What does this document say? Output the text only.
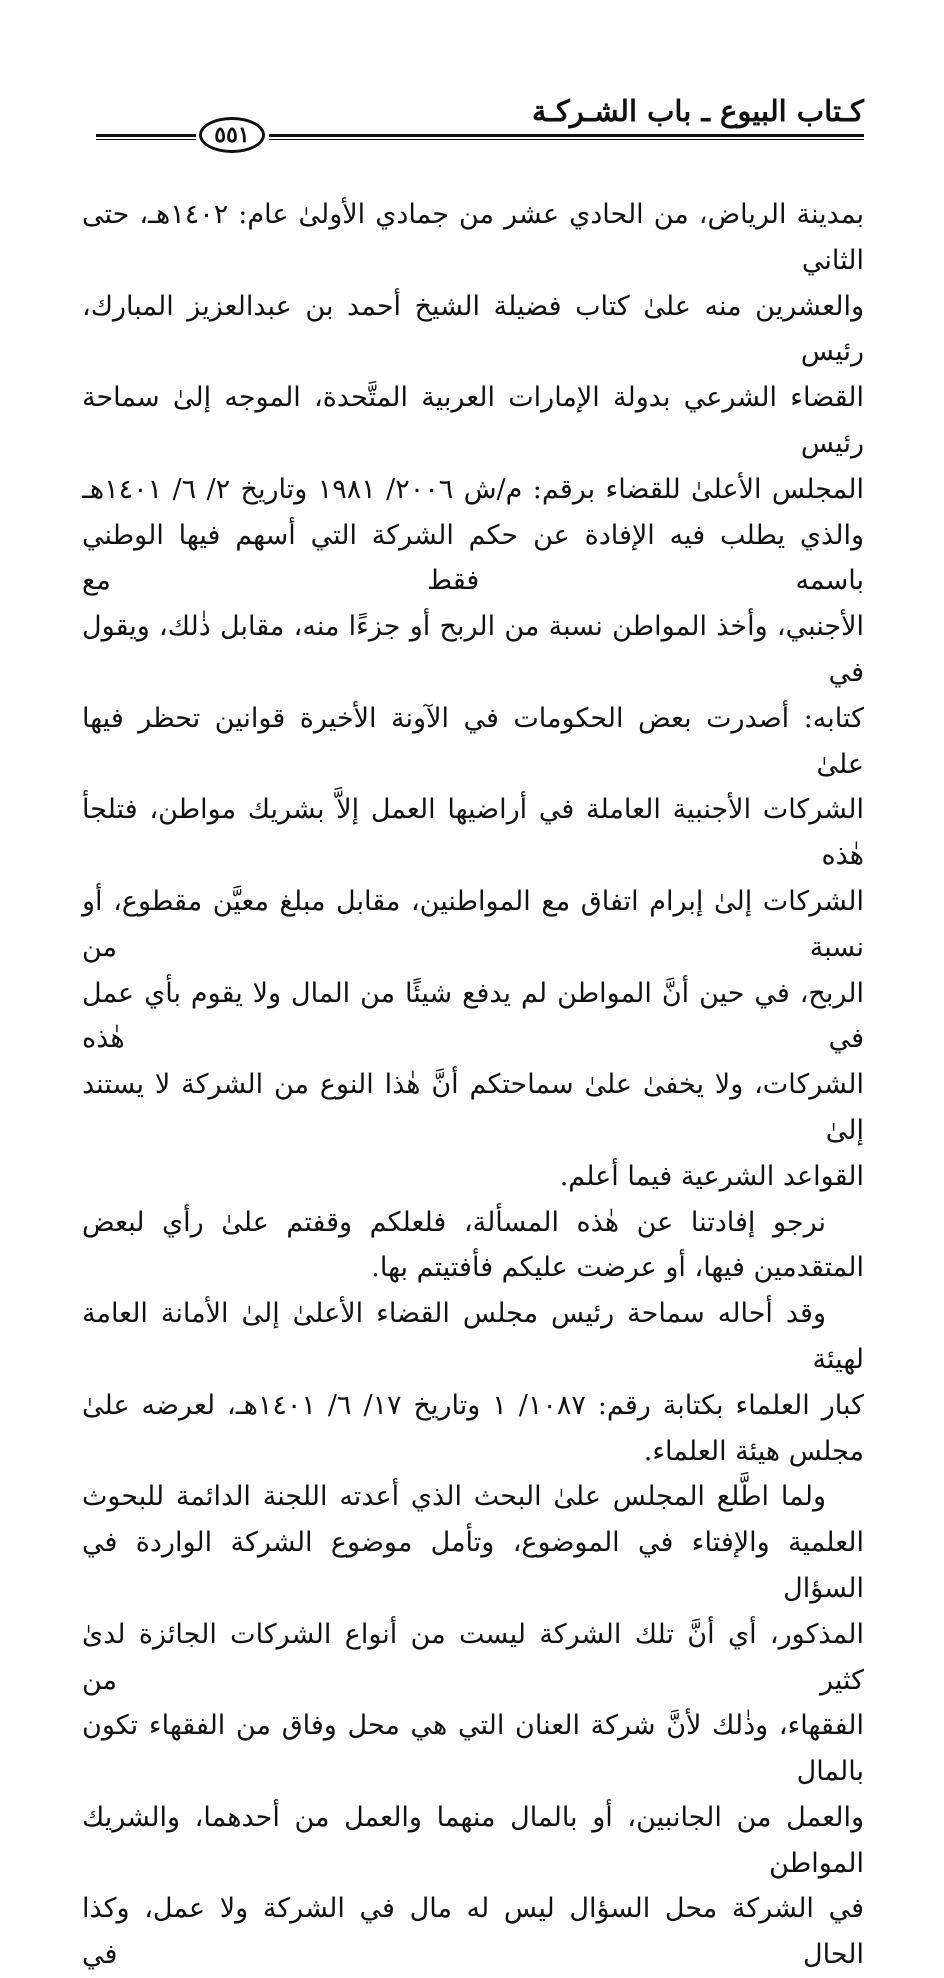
كـتاب البيوع ـ باب الشـركـة
٥٥١

بمدينة الرياض، من الحادي عشر من جمادي الأولىٰ عام: ١٤٠٢هـ، حتى الثاني

والعشرين منه علىٰ كتاب فضيلة الشيخ أحمد بن عبدالعزيز المبارك، رئيس

القضاء الشرعي بدولة الإمارات العربية المتَّحدة، الموجه إلىٰ سماحة رئيس

المجلس الأعلىٰ للقضاء برقم: م/ش ٢٠٠٦/ ١٩٨١ وتاريخ ٢/ ٦/ ١٤٠١هـ

والذي يطلب فيه الإفادة عن حكم الشركة التي أسهم فيها الوطني باسمه فقط مع

الأجنبي، وأخذ المواطن نسبة من الربح أو جزءًا منه، مقابل ذٰلك، ويقول في

كتابه: أصدرت بعض الحكومات في الآونة الأخيرة قوانين تحظر فيها علىٰ

الشركات الأجنبية العاملة في أراضيها العمل إلاَّ بشريك مواطن، فتلجأ هٰذه

الشركات إلىٰ إبرام اتفاق مع المواطنين، مقابل مبلغ معيَّن مقطوع، أو نسبة من

الربح، في حين أنَّ المواطن لم يدفع شيئًا من المال ولا يقوم بأي عمل في هٰذه

الشركات، ولا يخفىٰ علىٰ سماحتكم أنَّ هٰذا النوع من الشركة لا يستند إلىٰ

القواعد الشرعية فيما أعلم.

نرجو إفادتنا عن هٰذه المسألة، فلعلكم وقفتم علىٰ رأي لبعض

المتقدمين فيها، أو عرضت عليكم فأفتيتم بها.

وقد أحاله سماحة رئيس مجلس القضاء الأعلىٰ إلىٰ الأمانة العامة لهيئة

كبار العلماء بكتابة رقم: ١٠٨٧/ ١ وتاريخ ١٧/ ٦/ ١٤٠١هـ، لعرضه علىٰ

مجلس هيئة العلماء.

ولما اطَّلع المجلس علىٰ البحث الذي أعدته اللجنة الدائمة للبحوث

العلمية والإفتاء في الموضوع، وتأمل موضوع الشركة الواردة في السؤال

المذكور، أي أنَّ تلك الشركة ليست من أنواع الشركات الجائزة لدىٰ كثير من

الفقهاء، وذٰلك لأنَّ شركة العنان التي هي محل وفاق من الفقهاء تكون بالمال

والعمل من الجانبين، أو بالمال منهما والعمل من أحدهما، والشريك المواطن

في الشركة محل السؤال ليس له مال في الشركة ولا عمل، وكذا الحال في
